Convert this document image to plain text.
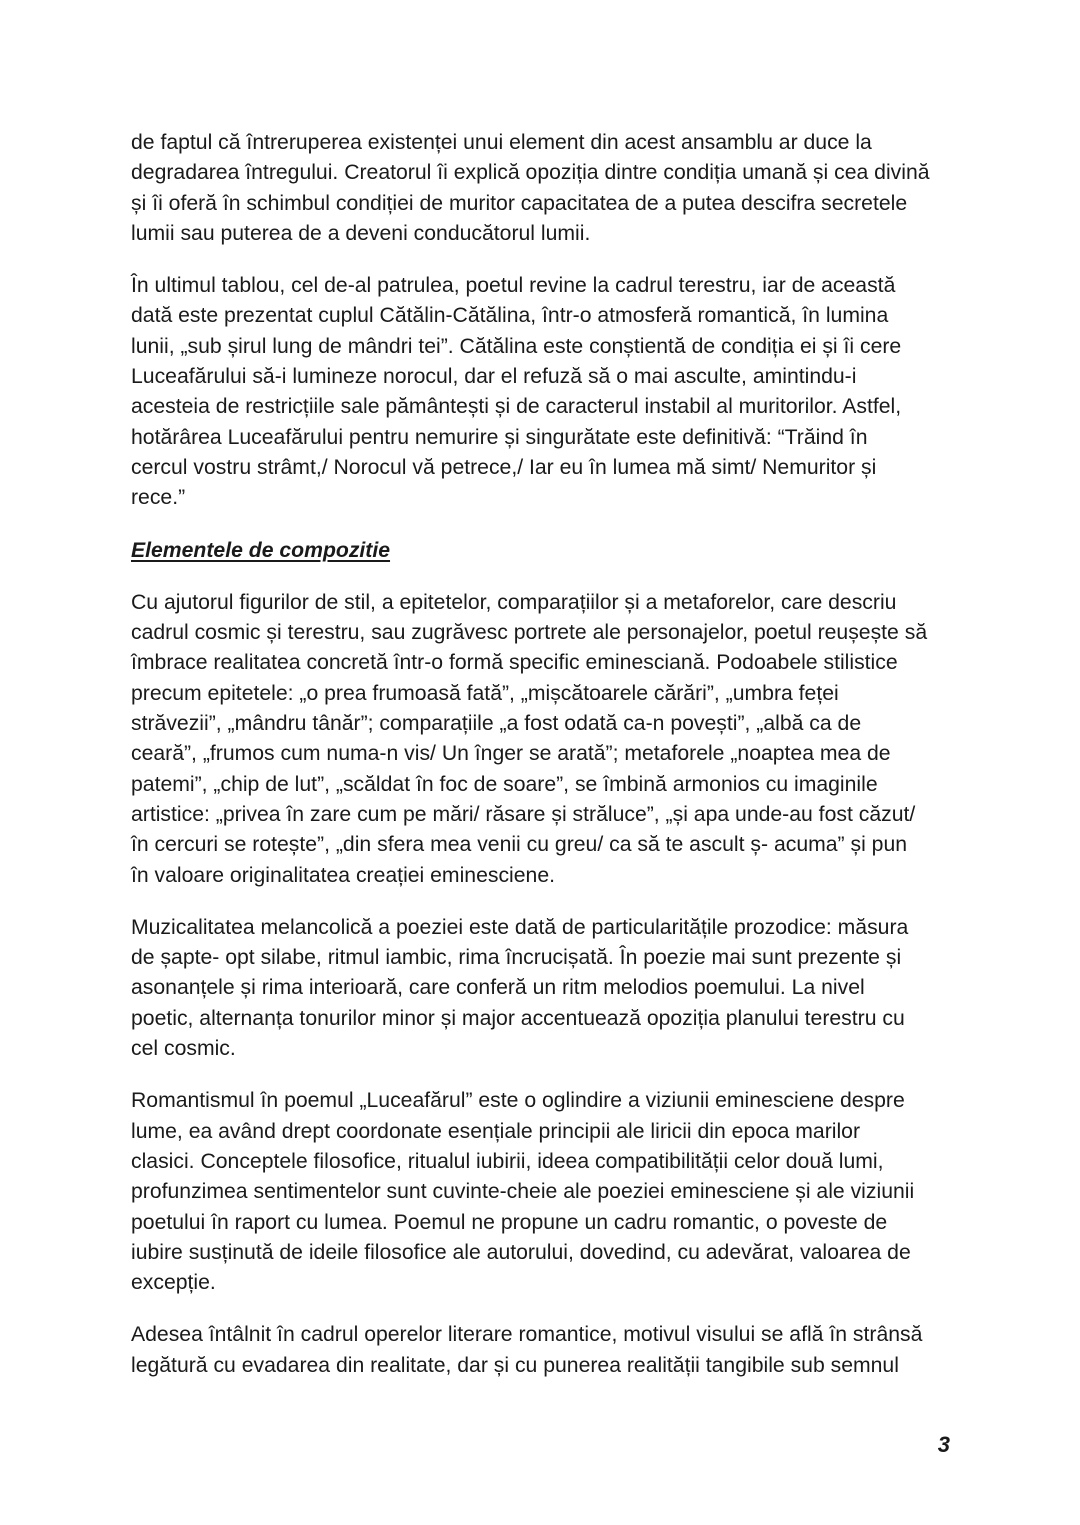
de faptul că întreruperea existenței unui element din acest ansamblu ar duce la
degradarea întregului. Creatorul îi explică opoziția dintre condiția umană și cea divină
și îi oferă în schimbul condiției de muritor capacitatea de a putea descifra secretele
lumii sau puterea de a deveni conducătorul lumii.

În ultimul tablou, cel de-al patrulea, poetul revine la cadrul terestru, iar de această
dată este prezentat cuplul Cătălin-Cătălina, într-o atmosferă romantică, în lumina
lunii, „sub șirul lung de mândri tei”. Cătălina este conștientă de condiția ei și îi cere
Luceafărului să-i lumineze norocul, dar el refuză să o mai asculte, amintindu-i
acesteia de restricțiile sale pământești și de caracterul instabil al muritorilor. Astfel,
hotărârea Luceafărului pentru nemurire și singurătate este definitivă: “Trăind în
cercul vostru strâmt,/ Norocul vă petrece,/ Iar eu în lumea mă simt/ Nemuritor și
rece.”

Elementele de compozitie

Cu ajutorul figurilor de stil, a epitetelor, comparațiilor și a metaforelor, care descriu
cadrul cosmic și terestru, sau zugrăvesc portrete ale personajelor, poetul reușește să
îmbrace realitatea concretă într-o formă specific eminesciană. Podoabele stilistice
precum epitetele: „o prea frumoasă fată”, „mișcătoarele cărări”, „umbra feței
străvezii”, „mândru tânăr”; comparațiile „a fost odată ca-n povești”, „albă ca de
ceară”, „frumos cum numa-n vis/ Un înger se arată”; metaforele „noaptea mea de
patemi”, „chip de lut”, „scăldat în foc de soare”, se îmbină armonios cu imaginile
artistice: „privea în zare cum pe mări/ răsare și străluce”, „și apa unde-au fost căzut/
în cercuri se rotește”, „din sfera mea venii cu greu/ ca să te ascult ș- acuma” și pun
în valoare originalitatea creației eminesciene.

Muzicalitatea melancolică a poeziei este dată de particularitățile prozodice: măsura
de șapte- opt silabe, ritmul iambic, rima încrucișată. În poezie mai sunt prezente și
asonanțele și rima interioară, care conferă un ritm melodios poemului. La nivel
poetic, alternanța tonurilor minor și major accentuează opoziția planului terestru cu
cel cosmic.

Romantismul în poemul „Luceafărul” este o oglindire a viziunii eminesciene despre
lume, ea având drept coordonate esențiale principii ale liricii din epoca marilor
clasici. Conceptele filosofice, ritualul iubirii, ideea compatibilității celor două lumi,
profunzimea sentimentelor sunt cuvinte-cheie ale poeziei eminesciene și ale viziunii
poetului în raport cu lumea. Poemul ne propune un cadru romantic, o poveste de
iubire susținută de ideile filosofice ale autorului, dovedind, cu adevărat, valoarea de
excepție.

Adesea întâlnit în cadrul operelor literare romantice, motivul visului se află în strânsă
legătură cu evadarea din realitate, dar și cu punerea realității tangibile sub semnul

3
